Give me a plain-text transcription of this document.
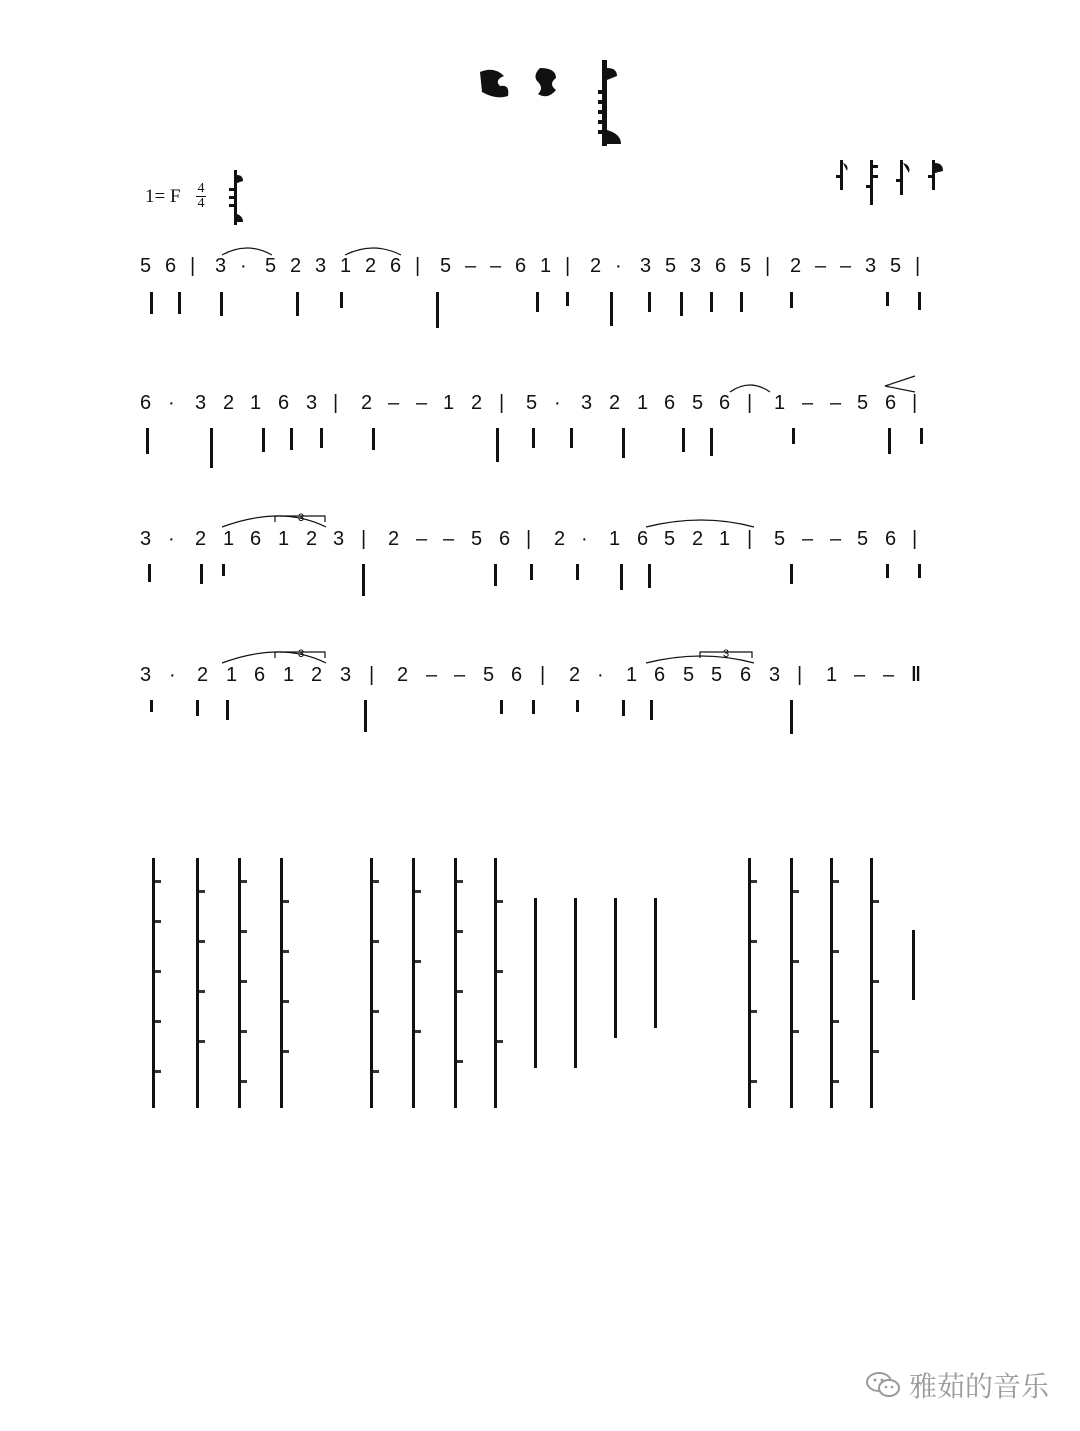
1= F 4
4
5 6 | 3 · 5 2 3 1 2 6 | 5 – – 6 1 | 2 · 3 5 3 6 5 | 2 – – 3 5 |
6 · 3 2 1 6 3 | 2 – – 1 2 | 5 · 3 2 1 6 5 6 | 1 – – 5 6 |
3 · 2 1 6 1 2 3 | 2 – – 5 6 | 2 · 1 6 5 2 1 | 5 – – 5 6 |
3 · 2 1 6 1 2 3 | 2 – – 5 6 | 2 · 1 6 5 5 6 3 | 1 – – ‖
3
3	3
雅茹的音乐
